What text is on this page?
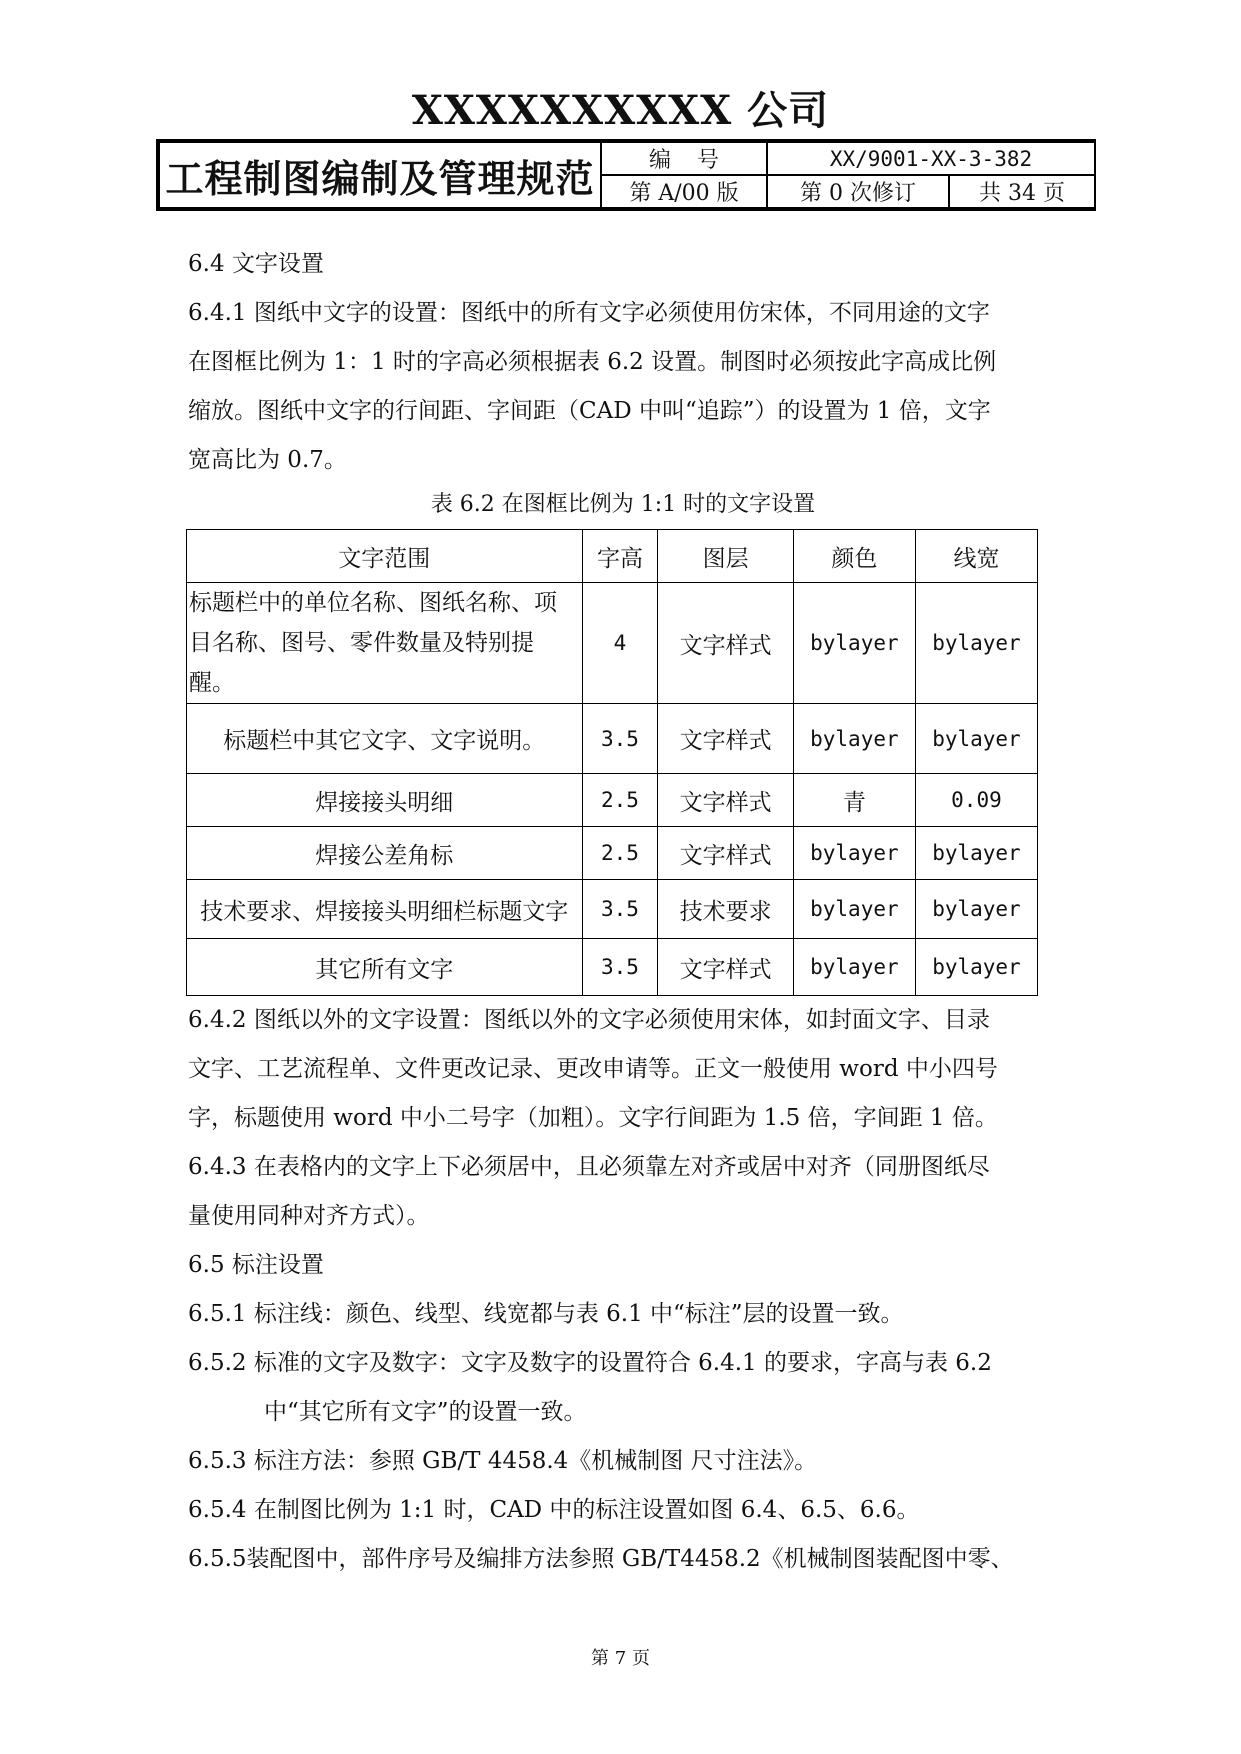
XXXXXXXXXX 公司
工程制图编制及管理规范	编号	XX/9001-XX-3-382
第 A/00 版	第 0 次修订	共 34 页

6.4 文字设置

6.4.1 图纸中文字的设置：图纸中的所有文字必须使用仿宋体，不同用途的文字

在图框比例为 1：1 时的字高必须根据表 6.2 设置。制图时必须按此字高成比例

缩放。图纸中文字的行间距、字间距（CAD 中叫“追踪”）的设置为 1 倍，文字

宽高比为 0.7。

表 6.2 在图框比例为 1:1 时的文字设置

文字范围	字高	图层	颜色	线宽

标题栏中的单位名称、图纸名称、项
目名称、图号、零件数量及特别提醒。	4	文字样式	bylayer	bylayer
标题栏中其它文字、文字说明。	3.5	文字样式	bylayer	bylayer
焊接接头明细	2.5	文字样式	青	0.09
焊接公差角标	2.5	文字样式	bylayer	bylayer
技术要求、焊接接头明细栏标题文字	3.5	技术要求	bylayer	bylayer
其它所有文字	3.5	文字样式	bylayer	bylayer

6.4.2 图纸以外的文字设置：图纸以外的文字必须使用宋体，如封面文字、目录

文字、工艺流程单、文件更改记录、更改申请等。正文一般使用 word 中小四号

字，标题使用 word 中小二号字（加粗）。文字行间距为 1.5 倍，字间距 1 倍。

6.4.3 在表格内的文字上下必须居中，且必须靠左对齐或居中对齐（同册图纸尽

量使用同种对齐方式）。

6.5 标注设置

6.5.1 标注线：颜色、线型、线宽都与表 6.1 中“标注”层的设置一致。

6.5.2 标准的文字及数字：文字及数字的设置符合 6.4.1 的要求，字高与表 6.2

中“其它所有文字”的设置一致。

6.5.3 标注方法：参照 GB/T 4458.4《机械制图 尺寸注法》。

6.5.4 在制图比例为 1:1 时，CAD 中的标注设置如图 6.4、6.5、6.6。

6.5.5装配图中，部件序号及编排方法参照 GB/T4458.2《机械制图装配图中零、

第 7 页
